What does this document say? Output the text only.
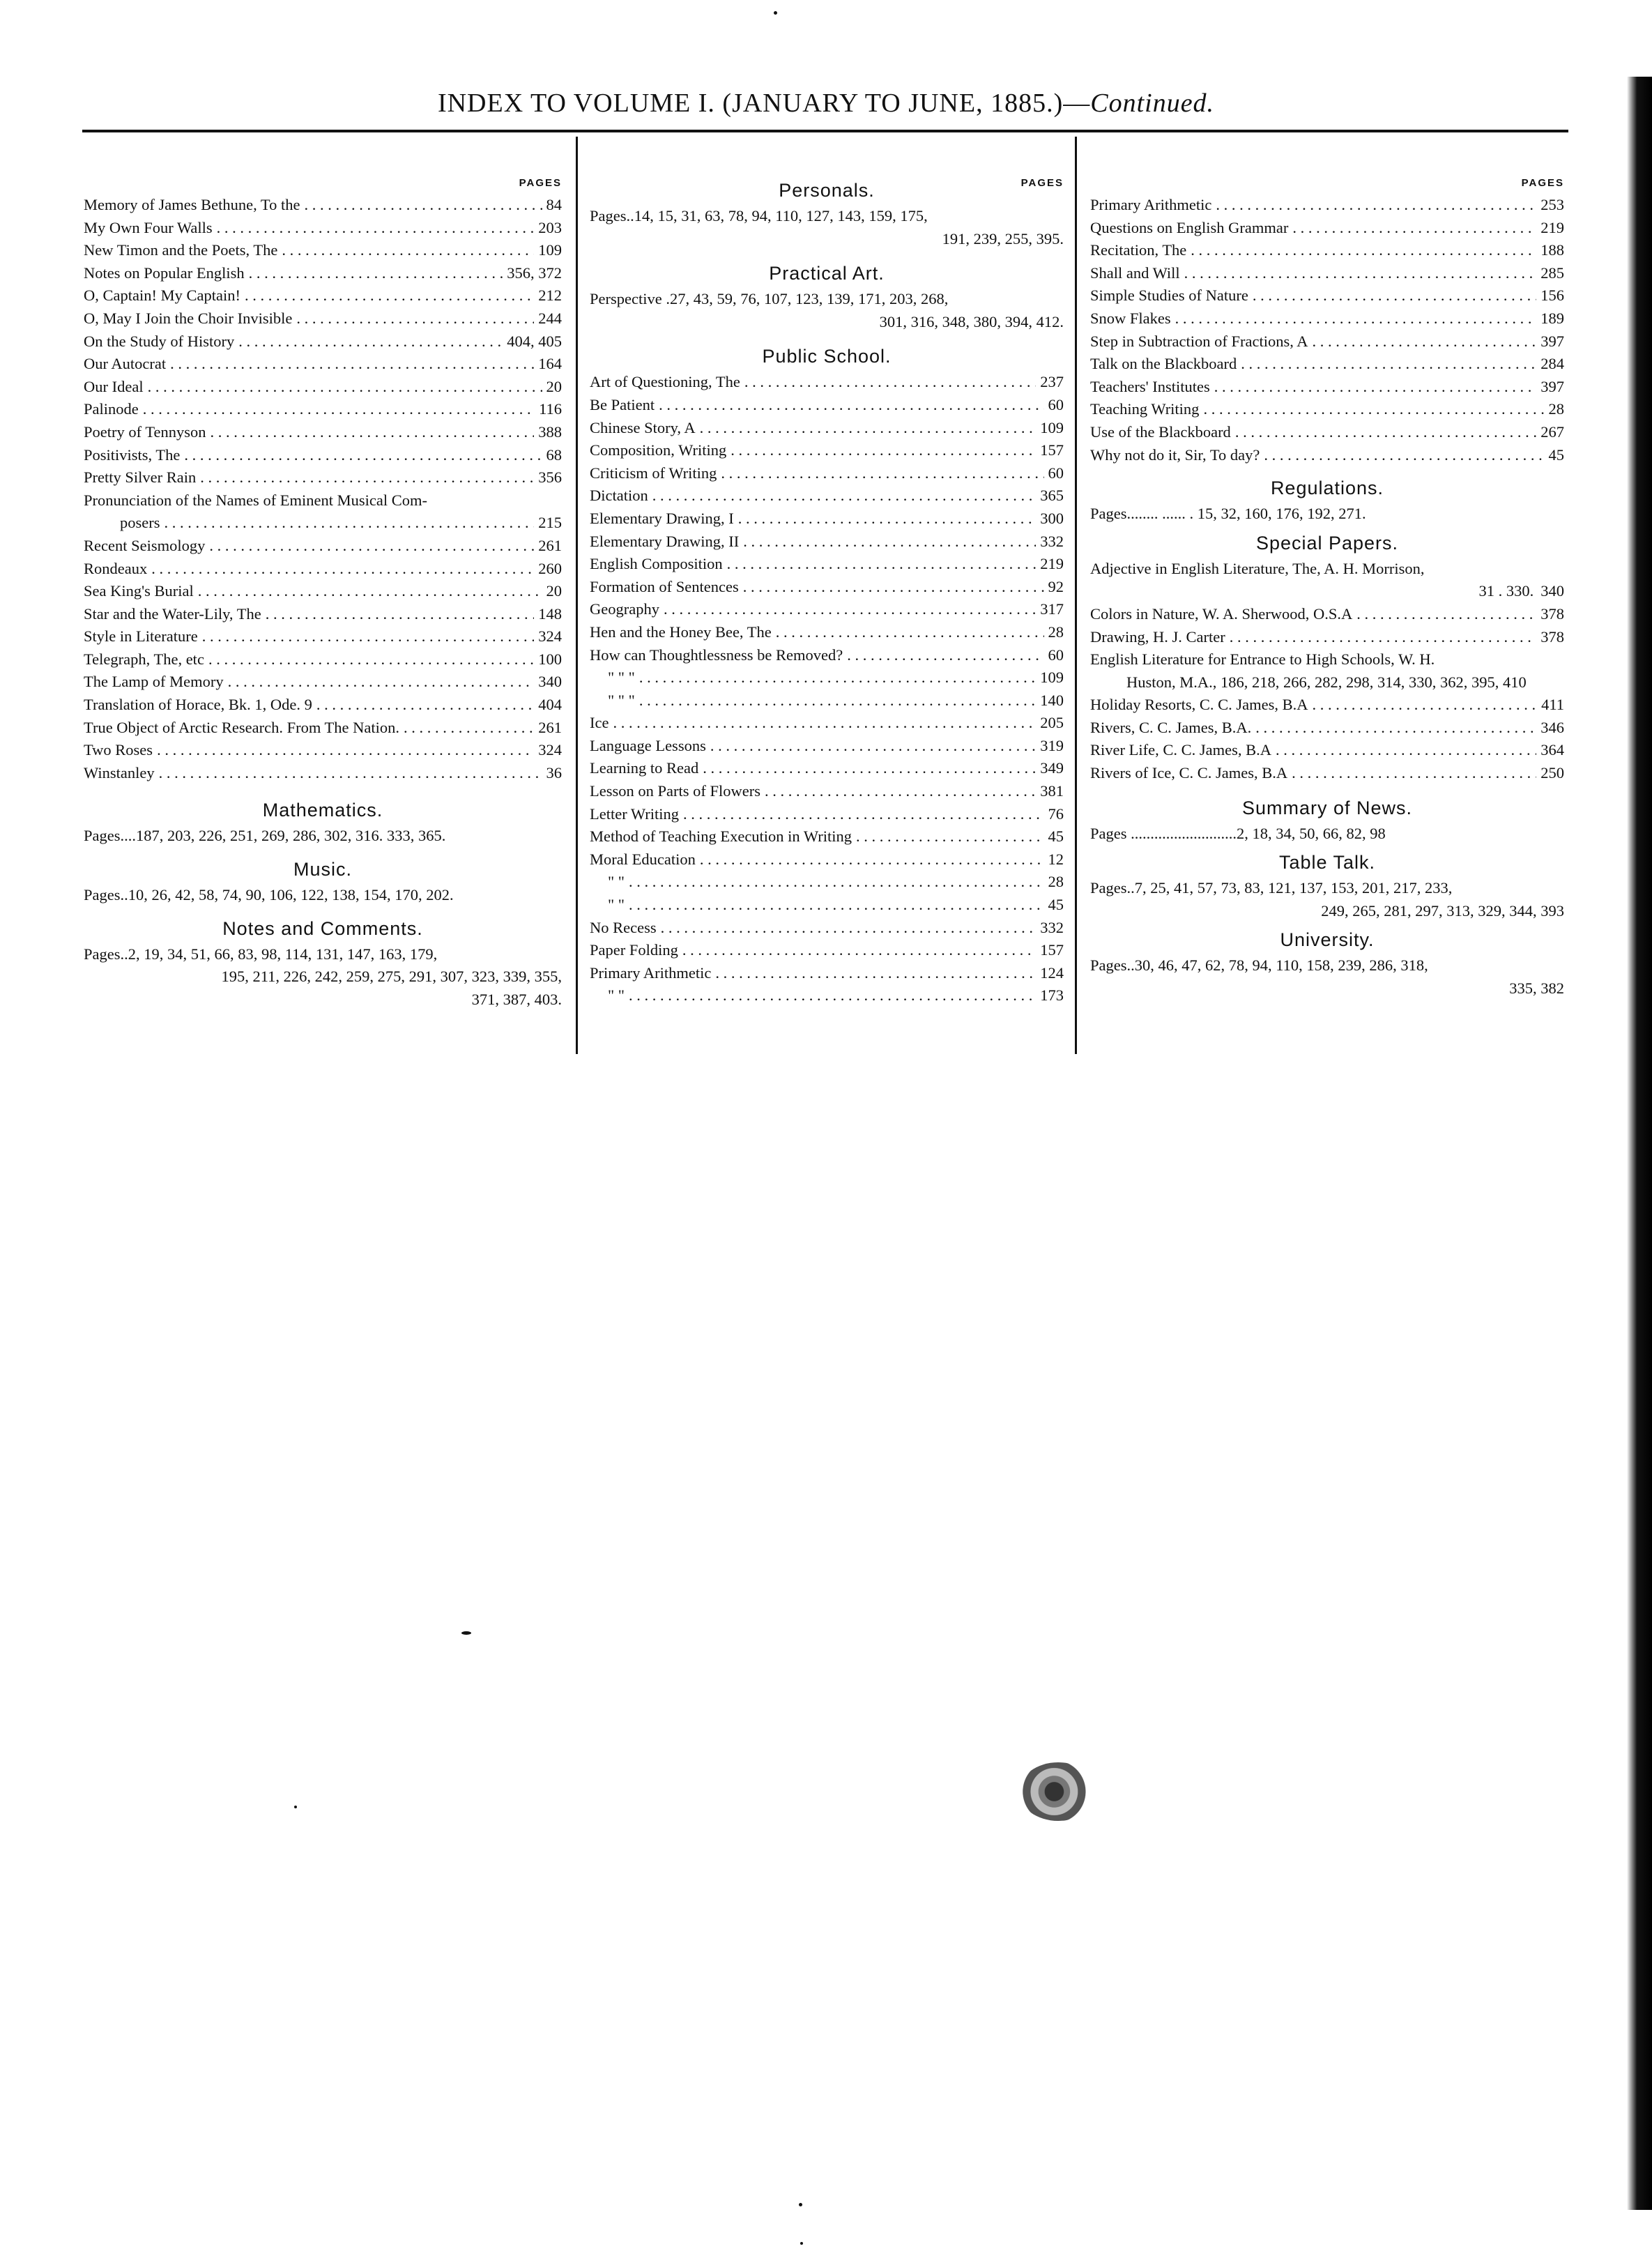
INDEX TO VOLUME I. (JANUARY TO JUNE, 1885.)—Continued.
PAGES
Memory of James Bethune, To the . . .	84
My Own Four Walls . . .	203
New Timon and the Poets, The . . .	109
Notes on Popular English . . .	356, 372
O, Captain! My Captain! . . .	212
O, May I Join the Choir Invisible . . .	244
On the Study of History . . .	404, 405
Our Autocrat . . .	164
Our Ideal . . .	20
Palinode . . .	116
Poetry of Tennyson . . .	388
Positivists, The . . .	68
Pretty Silver Rain . . .	356
Pronunciation of the Names of Eminent Musical Com-
posers . . .	215
Recent Seismology . . .	261
Rondeaux . . .	260
Sea King's Burial . . .	20
Star and the Water-Lily, The . . .	148
Style in Literature . . .	324
Telegraph, The, etc . . .	100
The Lamp of Memory . . .	340
Translation of Horace, Bk. 1, Ode. 9 . . .	404
True Object of Arctic Research. From The Nation. . . .	261
Two Roses . . .	324
Winstanley . . .	36
Mathematics.
Pages....187, 203, 226, 251, 269, 286, 302, 316. 333, 365.
Music.
Pages..10, 26, 42, 58, 74, 90, 106, 122, 138, 154, 170, 202.
Notes and Comments.
Pages..2, 19, 34, 51, 66, 83, 98, 114, 131, 147, 163, 179,
195, 211, 226, 242, 259, 275, 291, 307, 323, 339, 355,
371, 387, 403.
PAGES
Personals.
Pages..14, 15, 31, 63, 78, 94, 110, 127, 143, 159, 175,
191, 239, 255, 395.
Practical Art.
Perspective .27, 43, 59, 76, 107, 123, 139, 171, 203, 268,
301, 316, 348, 380, 394, 412.
Public School.
Art of Questioning, The . . .	237
Be Patient . . .	60
Chinese Story, A . . .	109
Composition, Writing . . .	157
Criticism of Writing . . .	60
Dictation . . .	365
Elementary Drawing, I . . .	300
Elementary Drawing, II . . .	332
English Composition . . .	219
Formation of Sentences . . .	92
Geography . . .	317
Hen and the Honey Bee, The . . .	28
How can Thoughtlessness be Removed? . . .	60
" " " . . .	109
" " " . . .	140
Ice . . .	205
Language Lessons . . .	319
Learning to Read . . .	349
Lesson on Parts of Flowers . . .	381
Letter Writing . . .	76
Method of Teaching Execution in Writing . . .	45
Moral Education . . .	12
" " . . .	28
" " . . .	45
No Recess . . .	332
Paper Folding . . .	157
Primary Arithmetic . . .	124
" " . . .	173
PAGES
Primary Arithmetic . . .	253
Questions on English Grammar . . .	219
Recitation, The . . .	188
Shall and Will . . .	285
Simple Studies of Nature . . .	156
Snow Flakes . . .	189
Step in Subtraction of Fractions, A . . .	397
Talk on the Blackboard . . .	284
Teachers' Institutes . . .	397
Teaching Writing . . .	28
Use of the Blackboard . . .	267
Why not do it, Sir, To day? . . .	45
Regulations.
Pages........ ...... . 15, 32, 160, 176, 192, 271.
Special Papers.
Adjective in English Literature, The, A. H. Morrison,
31 . 330. 340
Colors in Nature, W. A. Sherwood, O.S.A . . .	378
Drawing, H. J. Carter . . .	378
English Literature for Entrance to High Schools, W. H.
Huston, M.A., 186, 218, 266, 282, 298, 314, 330, 362, 395, 410
Holiday Resorts, C. C. James, B.A . . .	411
Rivers, C. C. James, B.A. . . .	346
River Life, C. C. James, B.A . . .	364
Rivers of Ice, C. C. James, B.A . . .	250
Summary of News.
Pages ...........................2, 18, 34, 50, 66, 82, 98
Table Talk.
Pages..7, 25, 41, 57, 73, 83, 121, 137, 153, 201, 217, 233,
249, 265, 281, 297, 313, 329, 344, 393
University.
Pages..30, 46, 47, 62, 78, 94, 110, 158, 239, 286, 318,
335, 382
